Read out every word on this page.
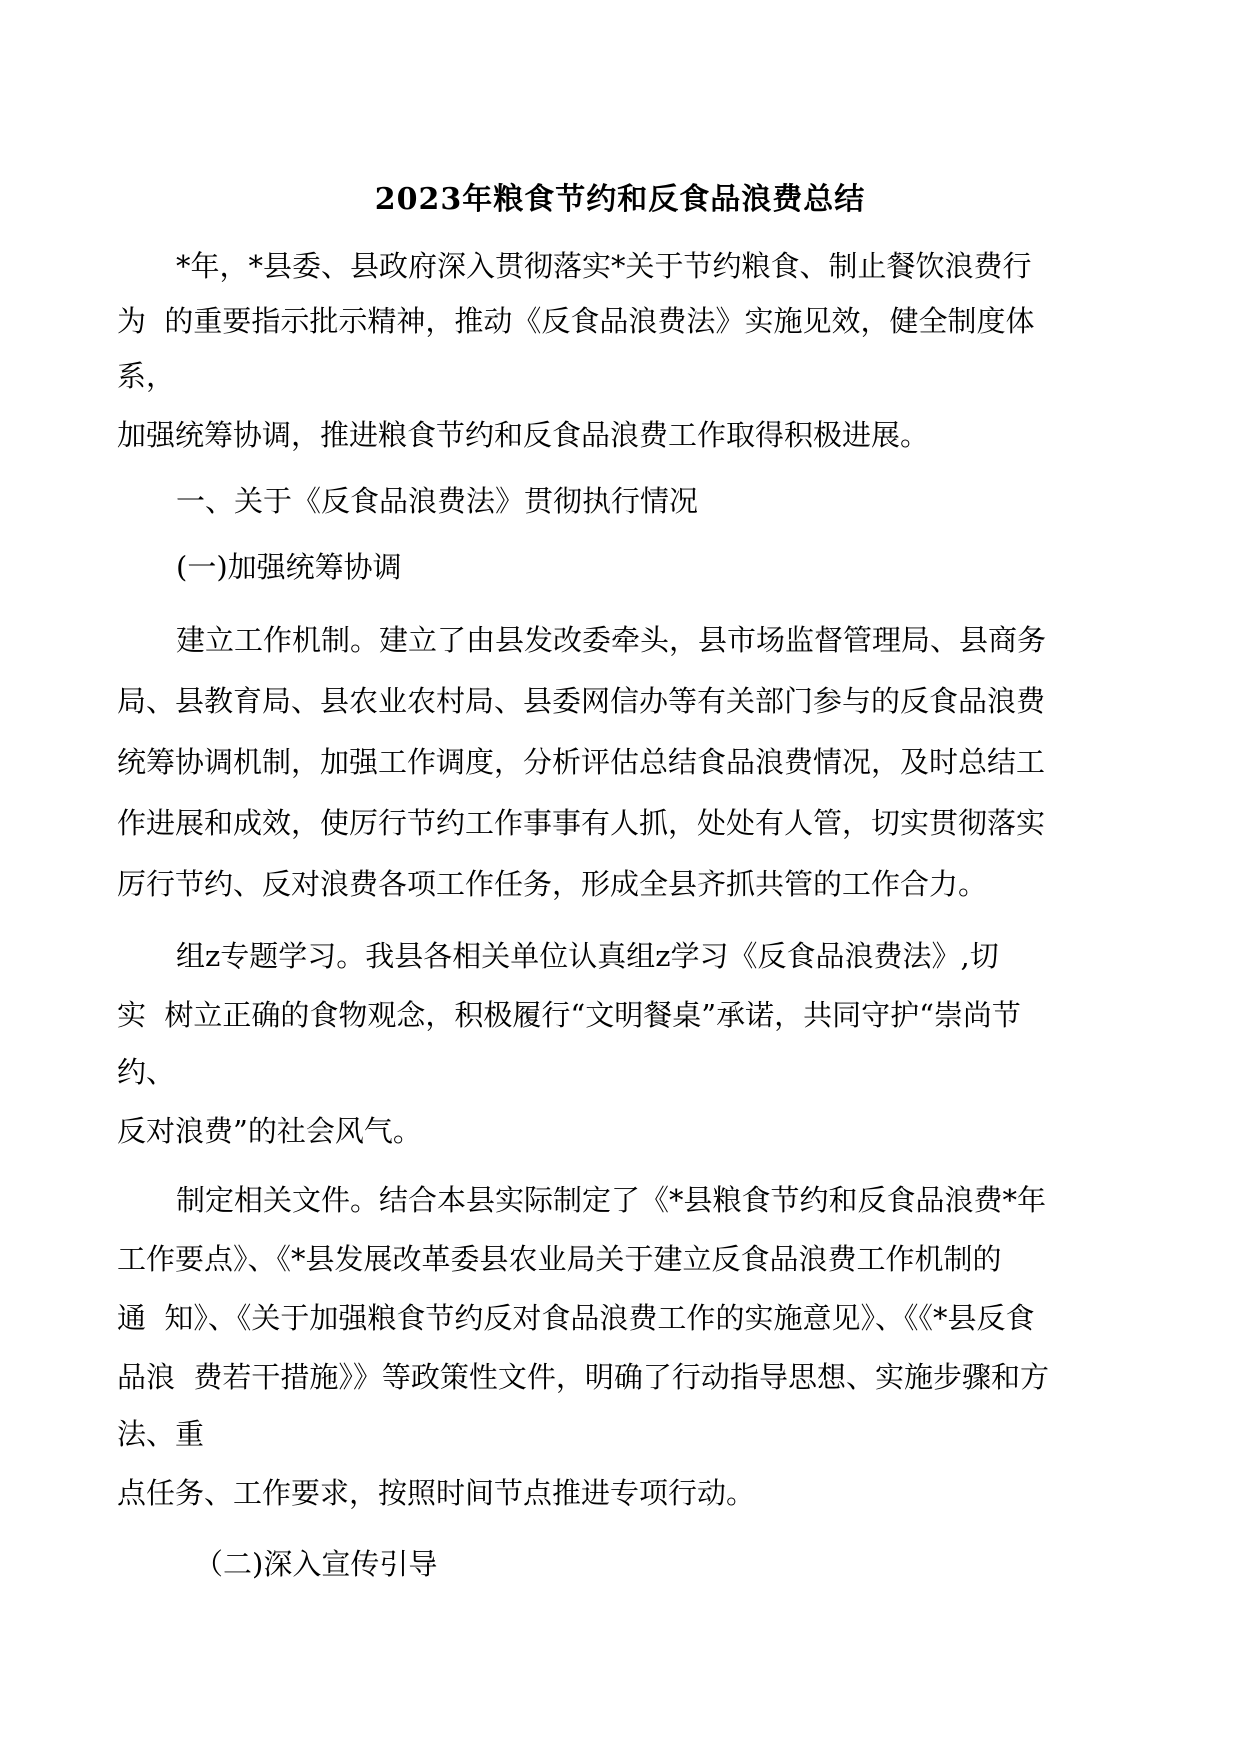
2023年粮食节约和反食品浪费总结

*年，*县委、县政府深入贯彻落实*关于节约粮食、制止餐饮浪费行

为  的重要指示批示精神，推动《反食品浪费法》实施见效，健全制度体

系，

加强统筹协调，推进粮食节约和反食品浪费工作取得积极进展。

一、关于《反食品浪费法》贯彻执行情况

(一)加强统筹协调

建立工作机制。建立了由县发改委牵头，县市场监督管理局、县商务

局、县教育局、县农业农村局、县委网信办等有关部门参与的反食品浪费

统筹协调机制，加强工作调度，分析评估总结食品浪费情况，及时总结工

作进展和成效，使厉行节约工作事事有人抓，处处有人管，切实贯彻落实

厉行节约、反对浪费各项工作任务，形成全县齐抓共管的工作合力。

组z专题学习。我县各相关单位认真组z学习《反食品浪费法》,切

实  树立正确的食物观念，积极履行“文明餐桌”承诺，共同守护“崇尚节

约、

反对浪费”的社会风气。

制定相关文件。结合本县实际制定了《*县粮食节约和反食品浪费*年

工作要点》、《*县发展改革委县农业局关于建立反食品浪费工作机制的

通  知》、《关于加强粮食节约反对食品浪费工作的实施意见》、《《*县反食

品浪  费若干措施》》等政策性文件，明确了行动指导思想、实施步骤和方

法、重

点任务、工作要求，按照时间节点推进专项行动。

（二)深入宣传引导
